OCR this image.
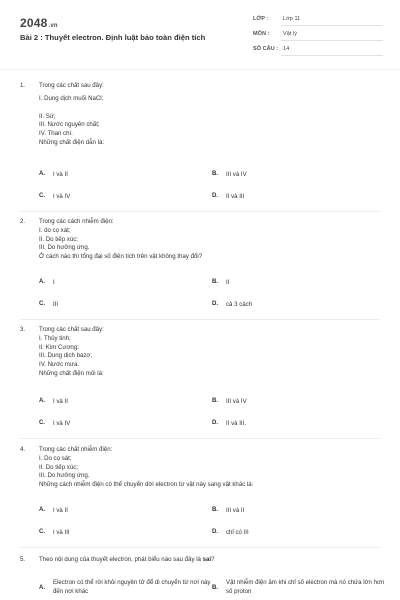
2048.vn
Bài 2 : Thuyết electron. Định luật bảo toàn điện tích
LỚP :	Lớp 11
MÔN : Vật lý
SỐ CÂU : 14
1. Trong các chất sau đây:
I. Dung dịch muối NaCl;
II. Sứ;
III. Nước nguyên chất;
IV. Than chì.
Những chất điện dẫn là:
A. I và II	B. III và IV
C. I và IV	D. II và III
2. Trong các cách nhiễm điện:
I. do cọ xát;
II. Do tiếp xúc;
III. Do hưởng ứng.
Ở cách nào thì tổng đại số điện tích trên vật không thay đổi?
A. I	B. II
C. III	D. cả 3 cách
3. Trong các chất sau đây:
I. Thủy tinh;
II: Kim Cương;
III. Dung dịch bazơ;
IV. Nước mưa.
Những chất điện môi là:
A. I và II	B. III và IV
C. I và IV	D. II và III.
4. Trong các chất nhiễm điện:
I. Do cọ sát;
II. Do tiếp xúc;
III. Do hưởng ứng.
Những cách nhiễm điện có thể chuyển dời electron từ vật này sang vật khác là:
A. I và II	B. III và II
C. I và III	D. chỉ có III
5. Theo nội dung của thuyết electron, phát biểu nào sau đây là sai?
A.
Electron có thể rời khỏi nguyên tử để di chuyển từ nơi này đến nơi khác
B.
Vật nhiễm điện âm khi chỉ số electron mà nó chứa lớn hơn số proton
